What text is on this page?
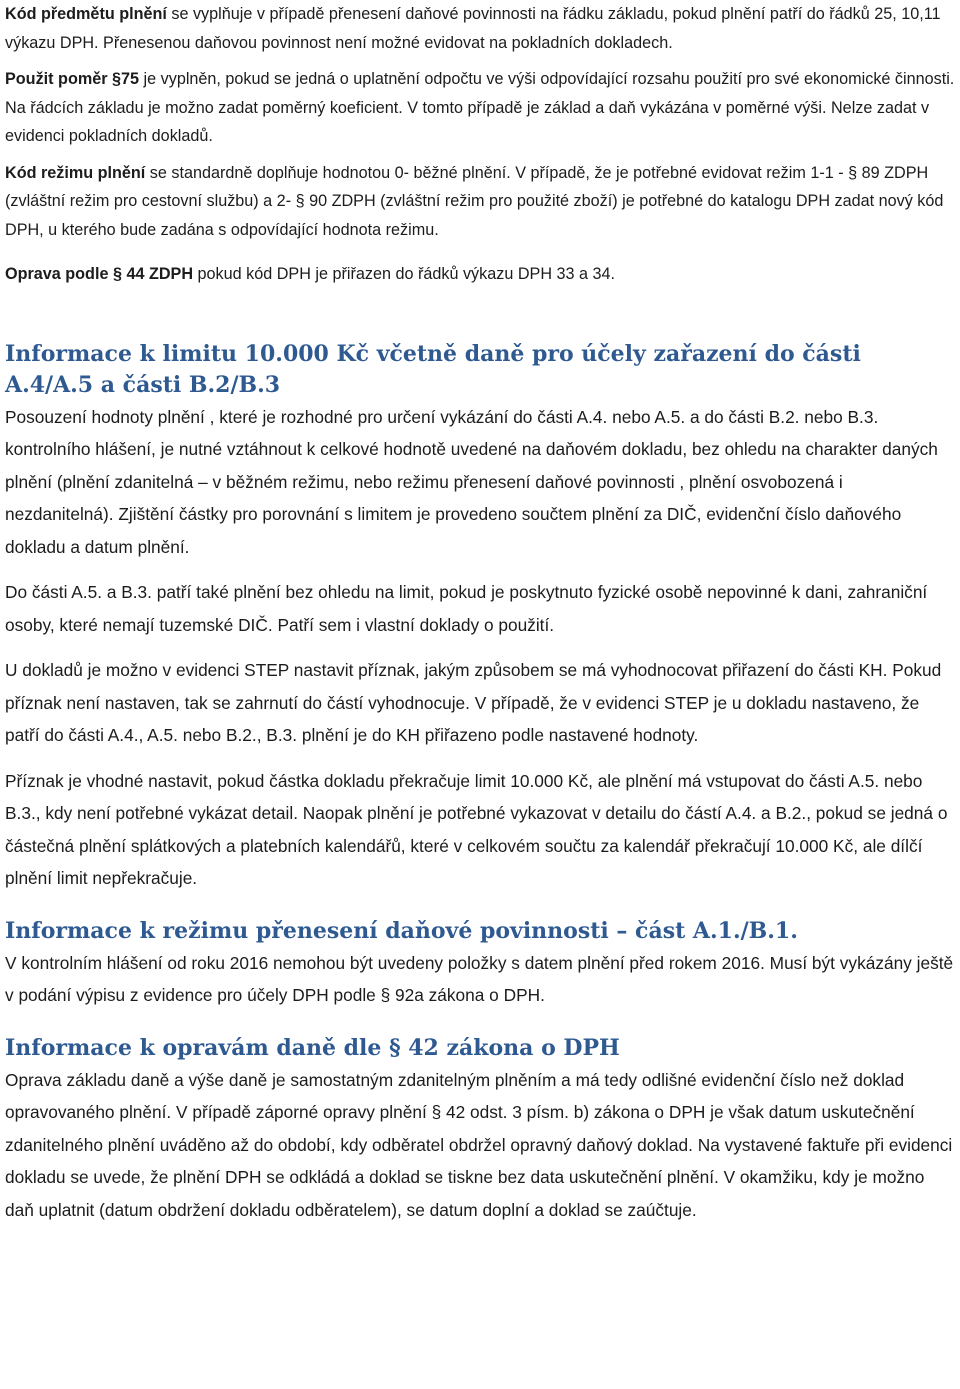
Kód předmětu plnění se vyplňuje v případě přenesení daňové povinnosti na řádku základu, pokud plnění patří do řádků 25, 10,11 výkazu DPH. Přenesenou daňovou povinnost není možné evidovat na pokladních dokladech.

Použit poměr §75 je vyplněn, pokud se jedná o uplatnění odpočtu ve výši odpovídající rozsahu použití pro své ekonomické činnosti. Na řádcích základu je možno zadat poměrný koeficient. V tomto případě je základ a daň vykázána v poměrné výši. Nelze zadat v evidenci pokladních dokladů.

Kód režimu plnění se standardně doplňuje hodnotou 0- běžné plnění. V případě, že je potřebné evidovat režim 1-1 - § 89 ZDPH (zvláštní režim pro cestovní službu) a 2- § 90 ZDPH (zvláštní režim pro použité zboží) je potřebné do katalogu DPH zadat nový kód DPH, u kterého bude zadána s odpovídající hodnota režimu.

Oprava podle § 44 ZDPH pokud kód DPH je přiřazen do řádků výkazu DPH 33 a 34.

Informace k limitu 10.000 Kč včetně daně pro účely zařazení do části A.4/A.5 a části B.2/B.3

Posouzení hodnoty plnění , které je rozhodné pro určení vykázání do části A.4. nebo A.5. a do části B.2. nebo B.3. kontrolního hlášení, je nutné vztáhnout k celkové hodnotě uvedené na daňovém dokladu, bez ohledu na charakter daných plnění (plnění zdanitelná – v běžném režimu, nebo režimu přenesení daňové povinnosti , plnění osvobozená i nezdanitelná). Zjištění částky pro porovnání s limitem je provedeno součtem plnění za DIČ, evidenční číslo daňového dokladu a datum plnění.

Do části A.5. a B.3. patří také plnění bez ohledu na limit, pokud je poskytnuto fyzické osobě nepovinné k dani, zahraniční osoby, které nemají tuzemské DIČ. Patří sem i vlastní doklady o použití.

U dokladů je možno v evidenci STEP nastavit příznak, jakým způsobem se má vyhodnocovat přiřazení do části KH. Pokud příznak není nastaven, tak se zahrnutí do částí vyhodnocuje. V případě, že v evidenci STEP je u dokladu nastaveno, že patří do části A.4., A.5. nebo B.2., B.3. plnění je do KH přiřazeno podle nastavené hodnoty.

Příznak je vhodné nastavit, pokud částka dokladu překračuje limit 10.000 Kč, ale plnění má vstupovat do části A.5. nebo B.3., kdy není potřebné vykázat detail. Naopak plnění je potřebné vykazovat v detailu do částí A.4. a B.2., pokud se jedná o částečná plnění splátkových a platebních kalendářů, které v celkovém součtu za kalendář překračují 10.000 Kč, ale dílčí plnění limit nepřekračuje.

Informace k režimu přenesení daňové povinnosti – část A.1./B.1.

V kontrolním hlášení od roku 2016 nemohou být uvedeny položky s datem plnění před rokem 2016. Musí být vykázány ještě v podání výpisu z evidence pro účely DPH podle § 92a zákona o DPH.

Informace k opravám daně dle § 42 zákona o DPH

Oprava základu daně a výše daně je samostatným zdanitelným plněním a má tedy odlišné evidenční číslo než doklad opravovaného plnění. V případě záporné opravy plnění § 42 odst. 3 písm. b) zákona o DPH je však datum uskutečnění zdanitelného plnění uváděno až do období, kdy odběratel obdržel opravný daňový doklad. Na vystavené faktuře při evidenci dokladu se uvede, že plnění DPH se odkládá a doklad se tiskne bez data uskutečnění plnění. V okamžiku, kdy je možno daň uplatnit (datum obdržení dokladu odběratelem), se datum doplní a doklad se zaúčtuje.
